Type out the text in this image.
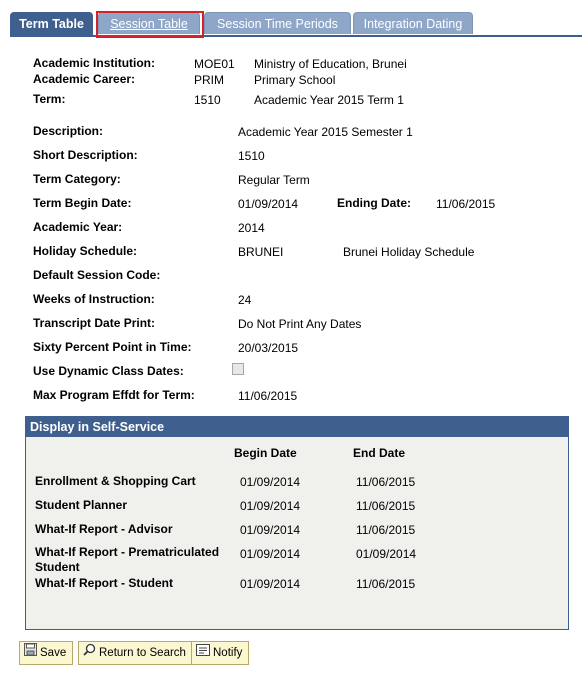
Term Table	Session Table	Session Time Periods	Integration Dating
Academic Institution:	MOE01 Ministry of Education, Brunei
Academic Career:	PRIM	Primary School
Term:	1510	Academic Year 2015 Term 1
Description:	Academic Year 2015 Semester 1
Short Description:	1510
Term Category:	Regular Term
Term Begin Date:	01/09/2014	Ending Date: 11/06/2015
Academic Year:	2014
Holiday Schedule:	BRUNEI	Brunei Holiday Schedule
Default Session Code:
Weeks of Instruction:	24
Transcript Date Print:	Do Not Print Any Dates
Sixty Percent Point in Time:	20/03/2015
Use Dynamic Class Dates:
Max Program Effdt for Term:	11/06/2015
Display in Self-Service
Begin Date	End Date
Enrollment & Shopping Cart	01/09/2014	11/06/2015
Student Planner	01/09/2014	11/06/2015
What-If Report - Advisor	01/09/2014	11/06/2015
What-If Report - Prematriculated
Student
01/09/2014	01/09/2014
What-If Report - Student	01/09/2014	11/06/2015
Save	Return to Search	Notify
